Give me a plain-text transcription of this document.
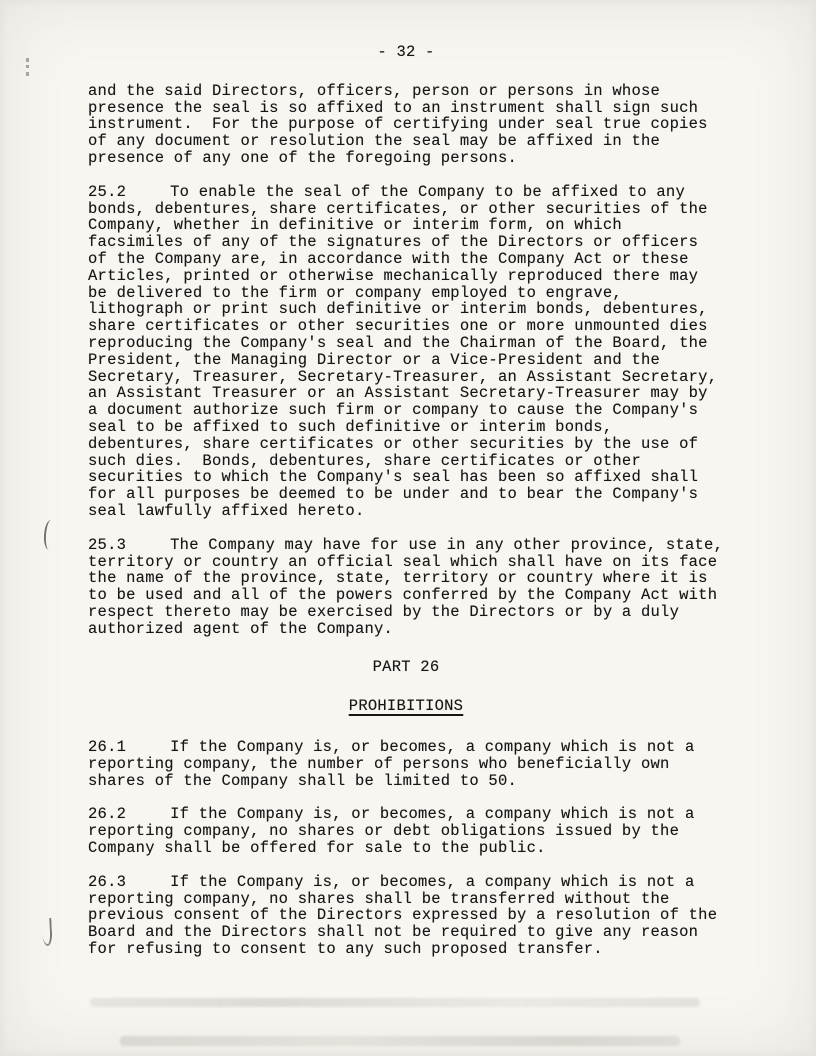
- 32 -

and the said Directors, officers, person or persons in whose presence the seal is so affixed to an instrument shall sign such instrument.  For the purpose of certifying under seal true copies of any document or resolution the seal may be affixed in the presence of any one of the foregoing persons.

25.2	To enable the seal of the Company to be affixed to any bonds, debentures, share certificates, or other securities of the Company, whether in definitive or interim form, on which facsimiles of any of the signatures of the Directors or officers of the Company are, in accordance with the Company Act or these Articles, printed or otherwise mechanically reproduced there may be delivered to the firm or company employed to engrave, lithograph or print such definitive or interim bonds, debentures, share certificates or other securities one or more unmounted dies reproducing the Company's seal and the Chairman of the Board, the President, the Managing Director or a Vice-President and the Secretary, Treasurer, Secretary-Treasurer, an Assistant Secretary, an Assistant Treasurer or an Assistant Secretary-Treasurer may by a document authorize such firm or company to cause the Company's seal to be affixed to such definitive or interim bonds, debentures, share certificates or other securities by the use of such dies.  Bonds, debentures, share certificates or other securities to which the Company's seal has been so affixed shall for all purposes be deemed to be under and to bear the Company's seal lawfully affixed hereto.

25.3	The Company may have for use in any other province, state, territory or country an official seal which shall have on its face the name of the province, state, territory or country where it is to be used and all of the powers conferred by the Company Act with respect thereto may be exercised by the Directors or by a duly authorized agent of the Company.

PART 26
PROHIBITIONS

26.1	If the Company is, or becomes, a company which is not a reporting company, the number of persons who beneficially own shares of the Company shall be limited to 50.

26.2	If the Company is, or becomes, a company which is not a reporting company, no shares or debt obligations issued by the Company shall be offered for sale to the public.

26.3	If the Company is, or becomes, a company which is not a reporting company, no shares shall be transferred without the previous consent of the Directors expressed by a resolution of the Board and the Directors shall not be required to give any reason for refusing to consent to any such proposed transfer.
